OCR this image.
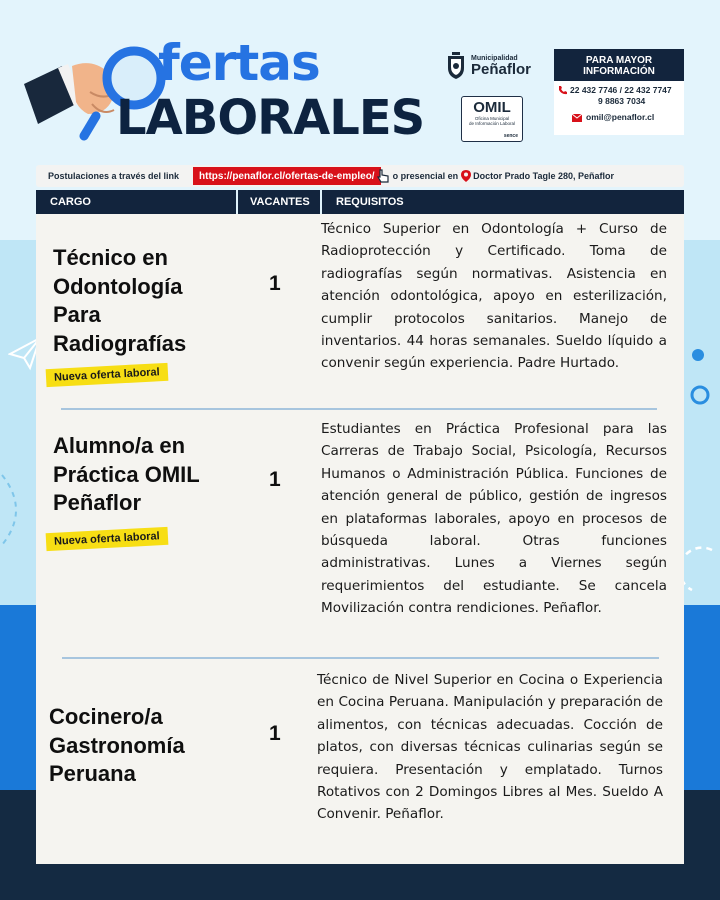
fertas
LABORALES
Municipalidad
Peñaflor
OMIL
Oficina Municipal
de Información Laboral
sence
PARA MAYOR
INFORMACIÓN
22 432 7746 / 22 432 7747
9 8863 7034
omil@penaflor.cl
Postulaciones a través del link	https://penaflor.cl/ofertas-de-empleo/	o presencial en Doctor Prado Tagle 280, Peñaflor
CARGO	VACANTES REQUISITOS
Técnico en
Odontología
Para
Radiografías
Nueva oferta laboral
1
Técnico Superior en Odontología + Curso de Radioprotección y Certificado. Toma de radiografías según normativas. Asistencia en atención odontológica, apoyo en esterilización, cumplir protocolos sanitarios. Manejo de inventarios. 44 horas semanales. Sueldo líquido a convenir según experiencia. Padre Hurtado.
Alumno/a en
Práctica OMIL
Peñaflor
Nueva oferta laboral
1
Estudiantes en Práctica Profesional para las Carreras de Trabajo Social, Psicología, Recursos Humanos o Administración Pública. Funciones de atención general de público, gestión de ingresos en plataformas laborales, apoyo en procesos de búsqueda laboral. Otras funciones administrativas. Lunes a Viernes según requerimientos del estudiante. Se cancela Movilización contra rendiciones. Peñaflor.
Cocinero/a
Gastronomía
Peruana
1
Técnico de Nivel Superior en Cocina o Experiencia en Cocina Peruana. Manipulación y preparación de alimentos, con técnicas adecuadas. Cocción de platos, con diversas técnicas culinarias según se requiera. Presentación y emplatado. Turnos Rotativos con 2 Domingos Libres al Mes. Sueldo A Convenir. Peñaflor.
